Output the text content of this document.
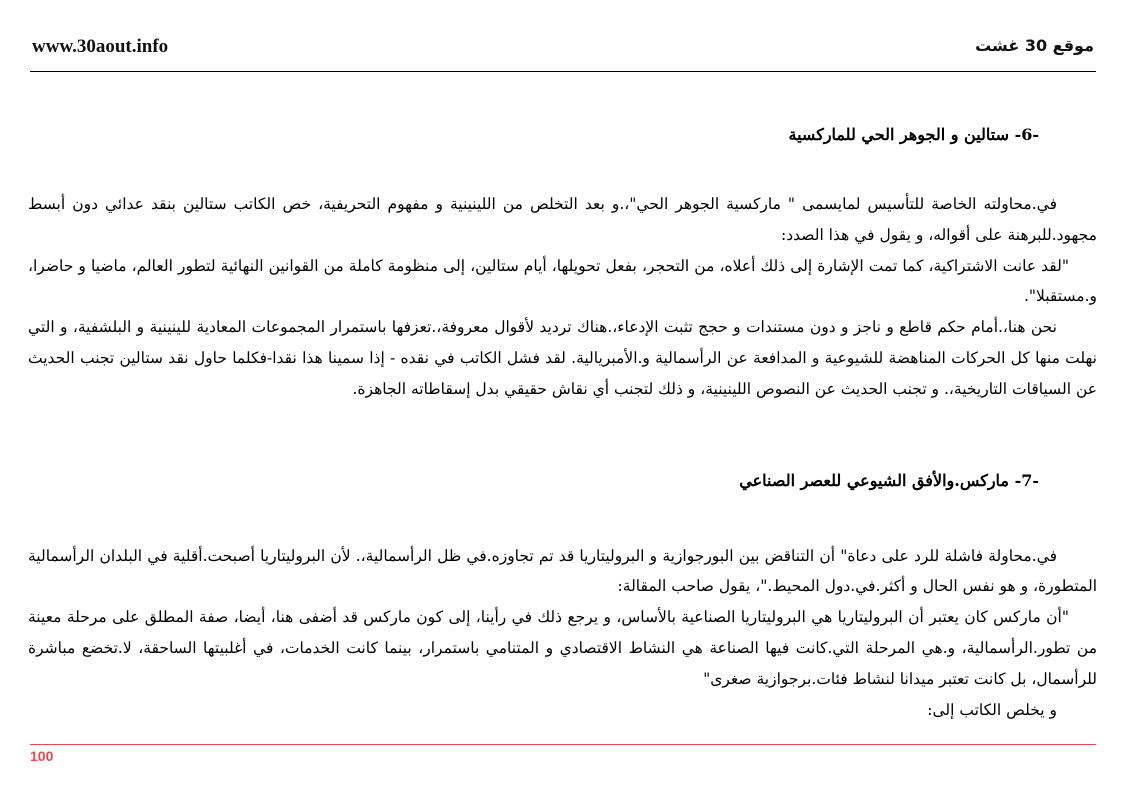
www.30aout.info	موقع 30 غشت
-6- ستالين و الجوهر الحي للماركسية

في.محاولته الخاصة للتأسيس لمايسمى " ماركسية الجوهر الحي"،.و بعد التخلص من اللينينية و مفهوم التحريفية، خص الكاتب ستالين بنقد عدائي دون أبسط مجهود.للبرهنة على أقواله، و يقول في هذا الصدد:

"لقد عانت الاشتراكية، كما تمت الإشارة إلى ذلك أعلاه، من التحجر، بفعل تحويلها، أيام ستالين، إلى منظومة كاملة من القوانين النهائية لتطور العالم، ماضيا و حاضرا، و.مستقبلا".

نحن هنا،.أمام حكم قاطع و ناجز و دون مستندات و حجج تثبت الإدعاء،.هناك ترديد لأقوال معروفة،.تعزفها باستمرار المجموعات المعادية للينينية و البلشفية، و التي نهلت منها كل الحركات المناهضة للشيوعية و المدافعة عن الرأسمالية و.الأمبريالية. لقد فشل الكاتب في نقده - إذا سمينا هذا نقدا-فكلما حاول نقد ستالين تجنب الحديث عن السياقات التاريخية،. و تجنب الحديث عن النصوص اللينينية، و ذلك لتجنب أي نقاش حقيقي بدل إسقاطاته الجاهزة.

-7- ماركس.والأفق الشيوعي للعصر الصناعي

في.محاولة فاشلة للرد على دعاة" أن التناقض بين البورجوازية و البروليتاريا قد تم تجاوزه.في ظل الرأسمالية،. لأن البروليتاريا أصبحت.أقلية في البلدان الرأسمالية المتطورة، و هو نفس الحال و أكثر.في.دول المحيط."، يقول صاحب المقالة:

"أن ماركس كان يعتبر أن البروليتاريا هي البروليتاريا الصناعية بالأساس، و يرجع ذلك في رأينا، إلى كون ماركس قد أضفى هنا، أيضا، صفة المطلق على مرحلة معينة من تطور.الرأسمالية، و.هي المرحلة التي.كانت فيها الصناعة هي النشاط الاقتصادي و المتنامي باستمرار، بينما كانت الخدمات، في أغلبيتها الساحقة، لا.تخضع مباشرة للرأسمال، بل كانت تعتبر ميدانا لنشاط فئات.برجوازية صغرى"

و يخلص الكاتب إلى:

100
